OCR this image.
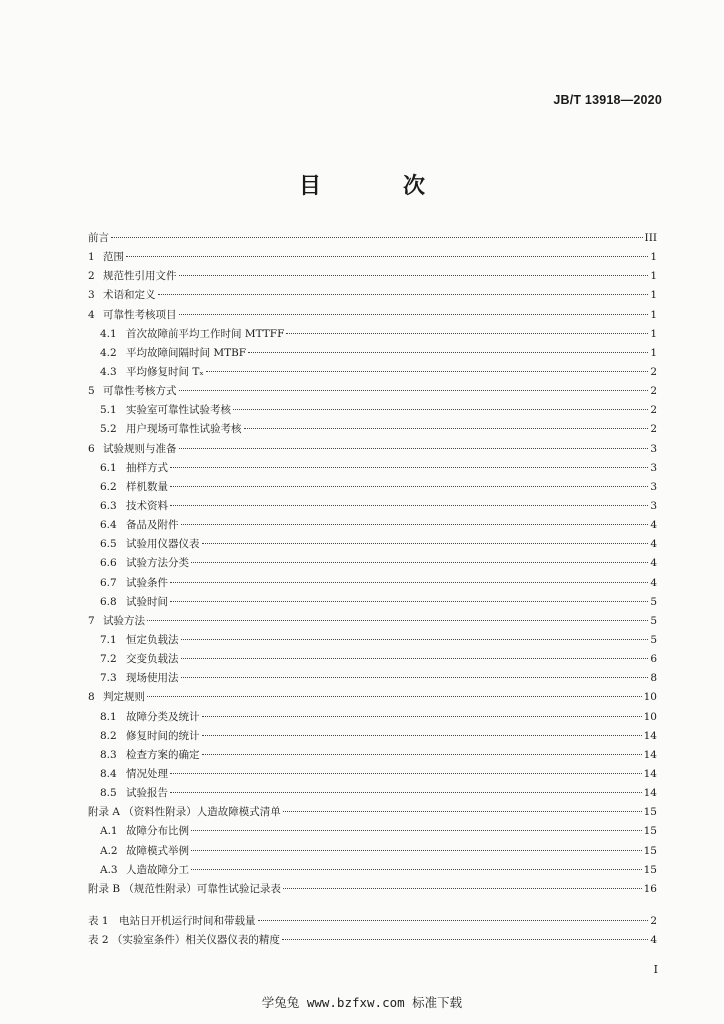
JB/T 13918—2020
目　次
前言	III
1 范围	1
2 规范性引用文件	1
3 术语和定义	1
4 可靠性考核项目	1
4.1 首次故障前平均工作时间 MTTFF	1
4.2 平均故障间隔时间 MTBF	1
4.3 平均修复时间 Tₓ	2
5 可靠性考核方式	2
5.1 实验室可靠性试验考核	2
5.2 用户现场可靠性试验考核	2
6 试验规则与准备	3
6.1 抽样方式	3
6.2 样机数量	3
6.3 技术资料	3
6.4 备品及附件	4
6.5 试验用仪器仪表	4
6.6 试验方法分类	4
6.7 试验条件	4
6.8 试验时间	5
7 试验方法	5
7.1 恒定负载法	5
7.2 交变负载法	6
7.3 现场使用法	8
8 判定规则	10
8.1 故障分类及统计	10
8.2 修复时间的统计	14
8.3 检查方案的确定	14
8.4 情况处理	14
8.5 试验报告	14
附录 A （资料性附录）人造故障模式清单	15
A.1 故障分布比例	15
A.2 故障模式举例	15
A.3 人造故障分工	15
附录 B （规范性附录）可靠性试验记录表	16
表 1　电站日开机运行时间和带载量	2
表 2 （实验室条件）相关仪器仪表的精度	4
I
学兔兔 www.bzfxw.com 标准下载
